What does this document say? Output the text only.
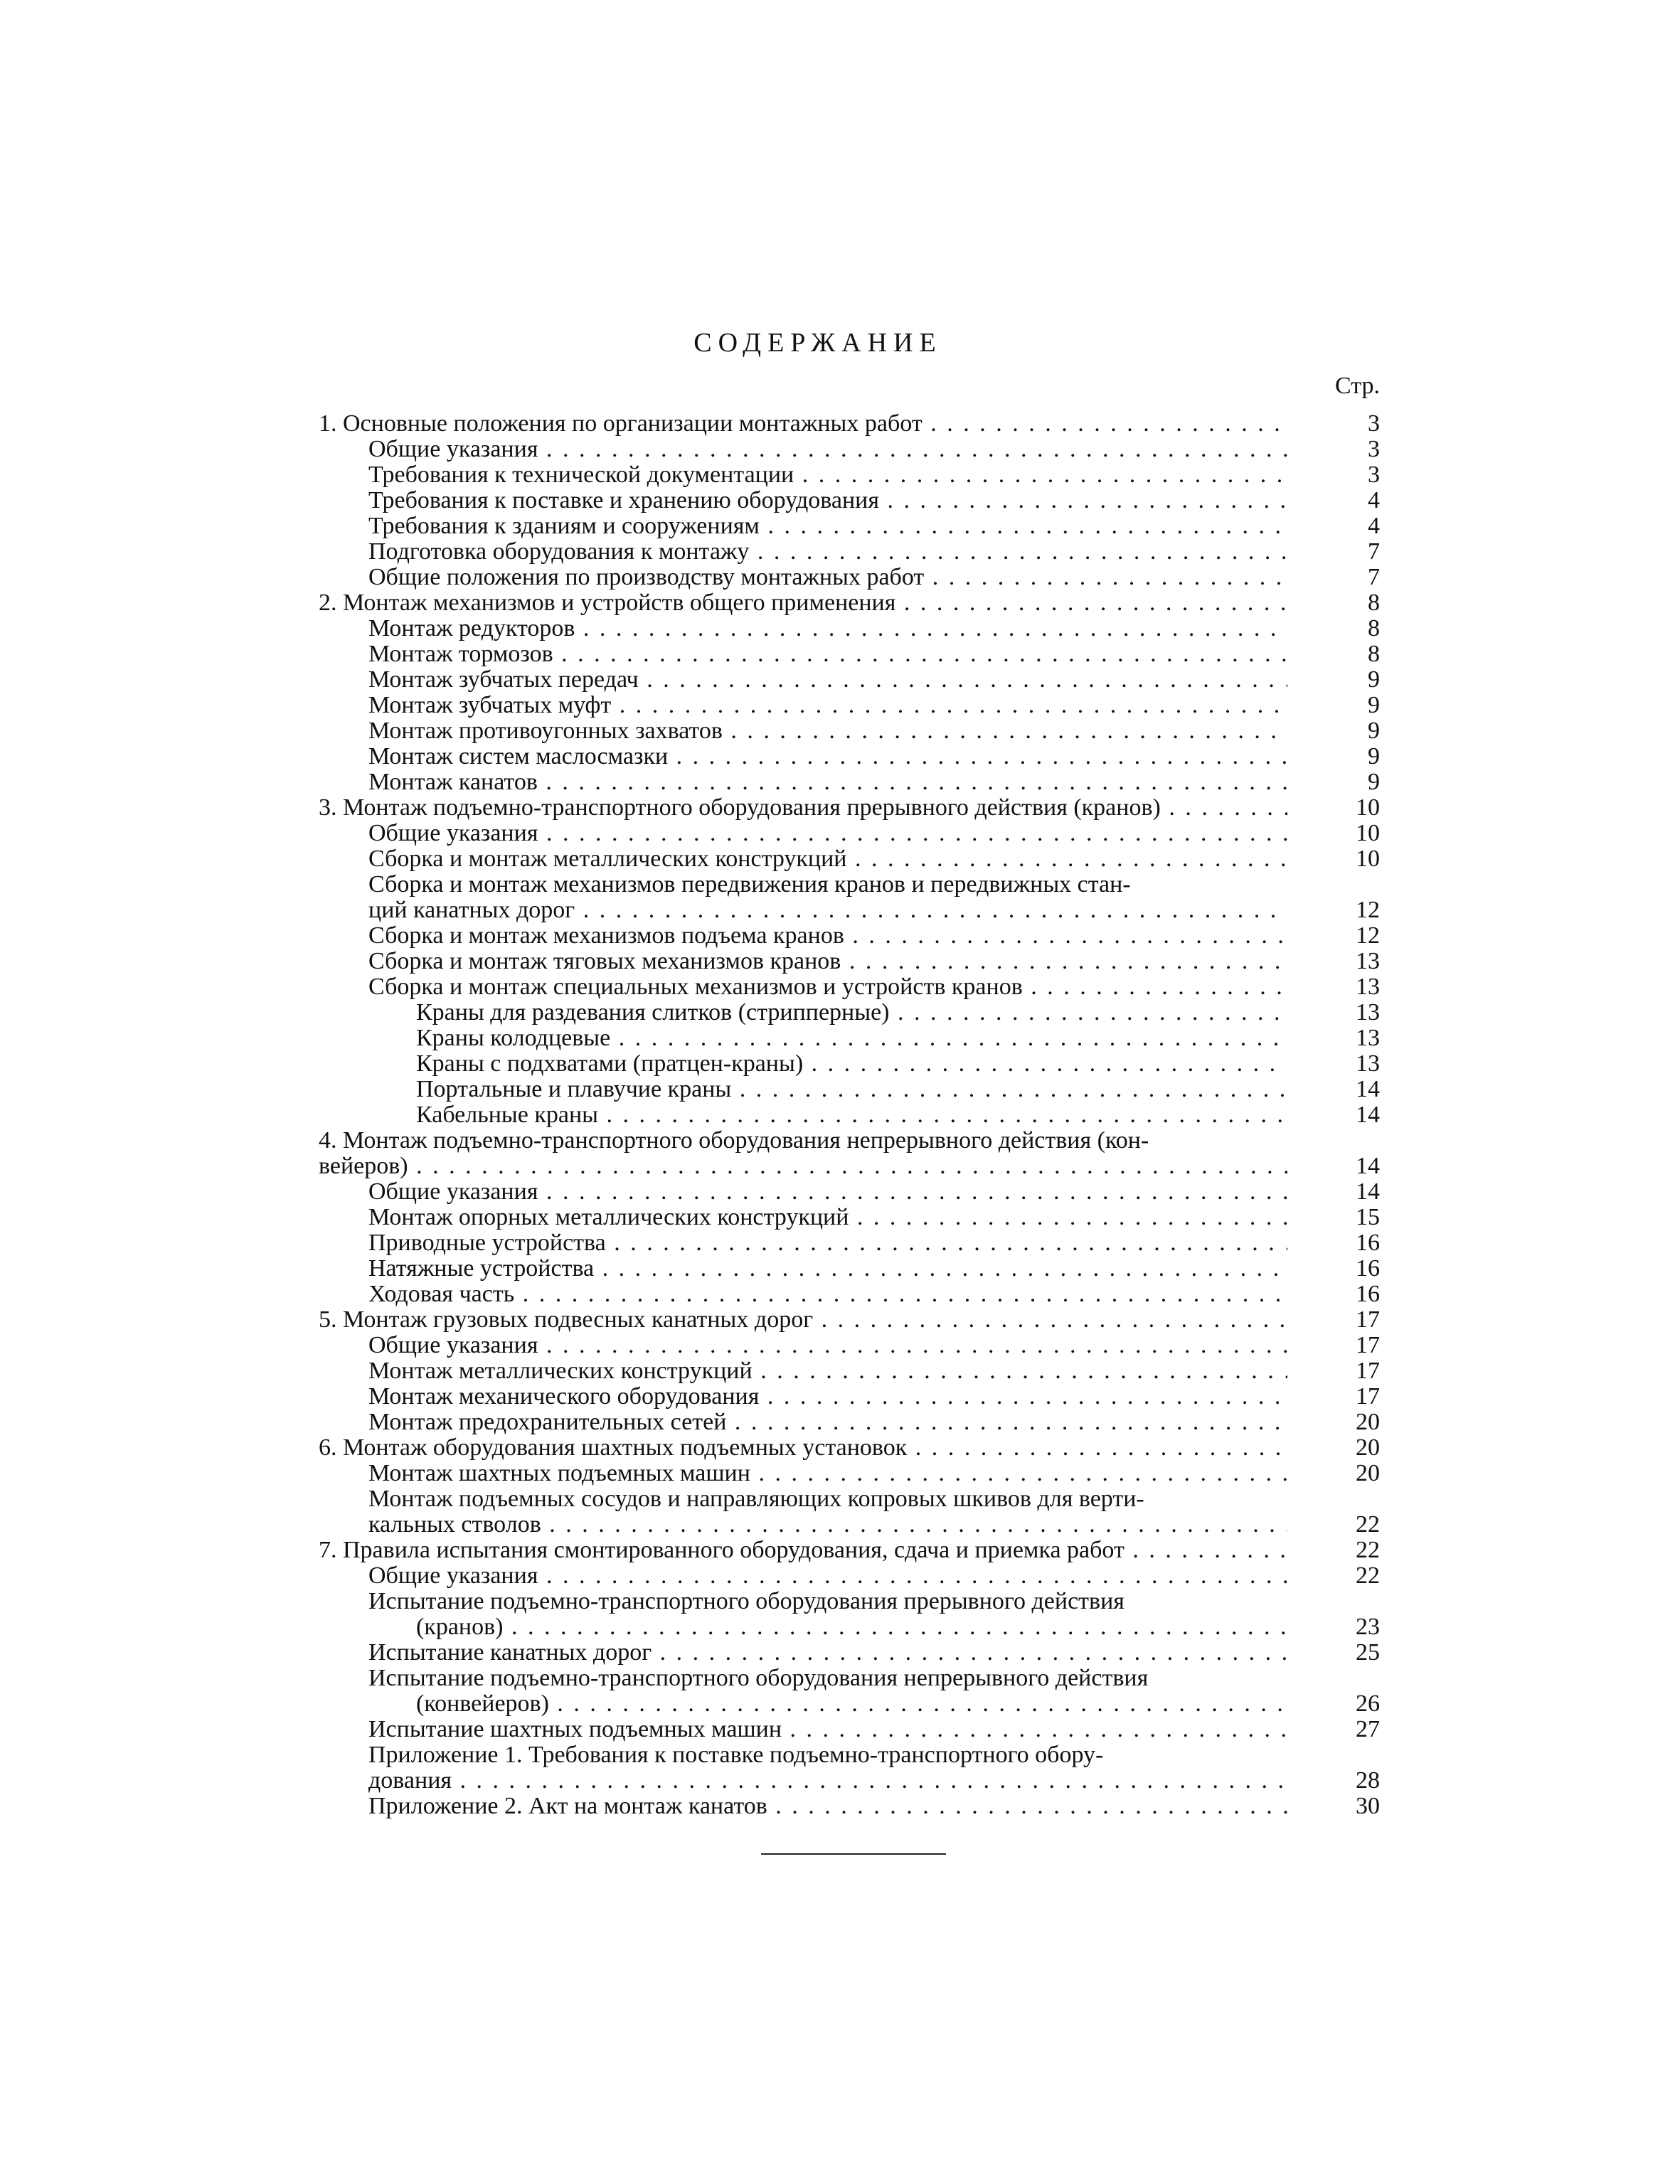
СОДЕРЖАНИЕ
Стр.
1. Основные положения по организации монтажных работ . . .	3
Общие указания . . .	3
Требования к технической документации . . .	3
Требования к поставке и хранению оборудования . . .	4
Требования к зданиям и сооружениям . . .	4
Подготовка оборудования к монтажу . . .	7
Общие положения по производству монтажных работ . . .	7
2. Монтаж механизмов и устройств общего применения . . .	8
Монтаж редукторов . . .	8
Монтаж тормозов . . .	8
Монтаж зубчатых передач . . .	9
Монтаж зубчатых муфт . . .	9
Монтаж противоугонных захватов . . .	9
Монтаж систем маслосмазки . . .	9
Монтаж канатов . . .	9
3. Монтаж подъемно-транспортного оборудования прерывного действия (кранов) . . .	10
Общие указания . . .	10
Сборка и монтаж металлических конструкций . . .	10
Сборка и монтаж механизмов передвижения кранов и передвижных стан-
ций канатных дорог . . .	12
Сборка и монтаж механизмов подъема кранов . . .	12
Сборка и монтаж тяговых механизмов кранов . . .	13
Сборка и монтаж специальных механизмов и устройств кранов . . .	13
Краны для раздевания слитков (стрипперные) . . .	13
Краны колодцевые . . .	13
Краны с подхватами (пратцен-краны) . . .	13
Портальные и плавучие краны . . .	14
Кабельные краны . . .	14
4. Монтаж подъемно-транспортного оборудования непрерывного действия (кон-
вейеров) . . .	14
Общие указания . . .	14
Монтаж опорных металлических конструкций . . .	15
Приводные устройства . . .	16
Натяжные устройства . . .	16
Ходовая часть . . .	16
5. Монтаж грузовых подвесных канатных дорог . . .	17
Общие указания . . .	17
Монтаж металлических конструкций . . .	17
Монтаж механического оборудования . . .	17
Монтаж предохранительных сетей . . .	20
6. Монтаж оборудования шахтных подъемных установок . . .	20
Монтаж шахтных подъемных машин . . .	20
Монтаж подъемных сосудов и направляющих копровых шкивов для верти-
кальных стволов . . .	22
7. Правила испытания смонтированного оборудования, сдача и приемка работ . . .	22
Общие указания . . .	22
Испытание подъемно-транспортного оборудования прерывного действия
(кранов) . . .	23
Испытание канатных дорог . . .	25
Испытание подъемно-транспортного оборудования непрерывного действия
(конвейеров) . . .	26
Испытание шахтных подъемных машин . . .	27
Приложение 1. Требования к поставке подъемно-транспортного обору-
дования . . .	28
Приложение 2. Акт на монтаж канатов . . .	30
